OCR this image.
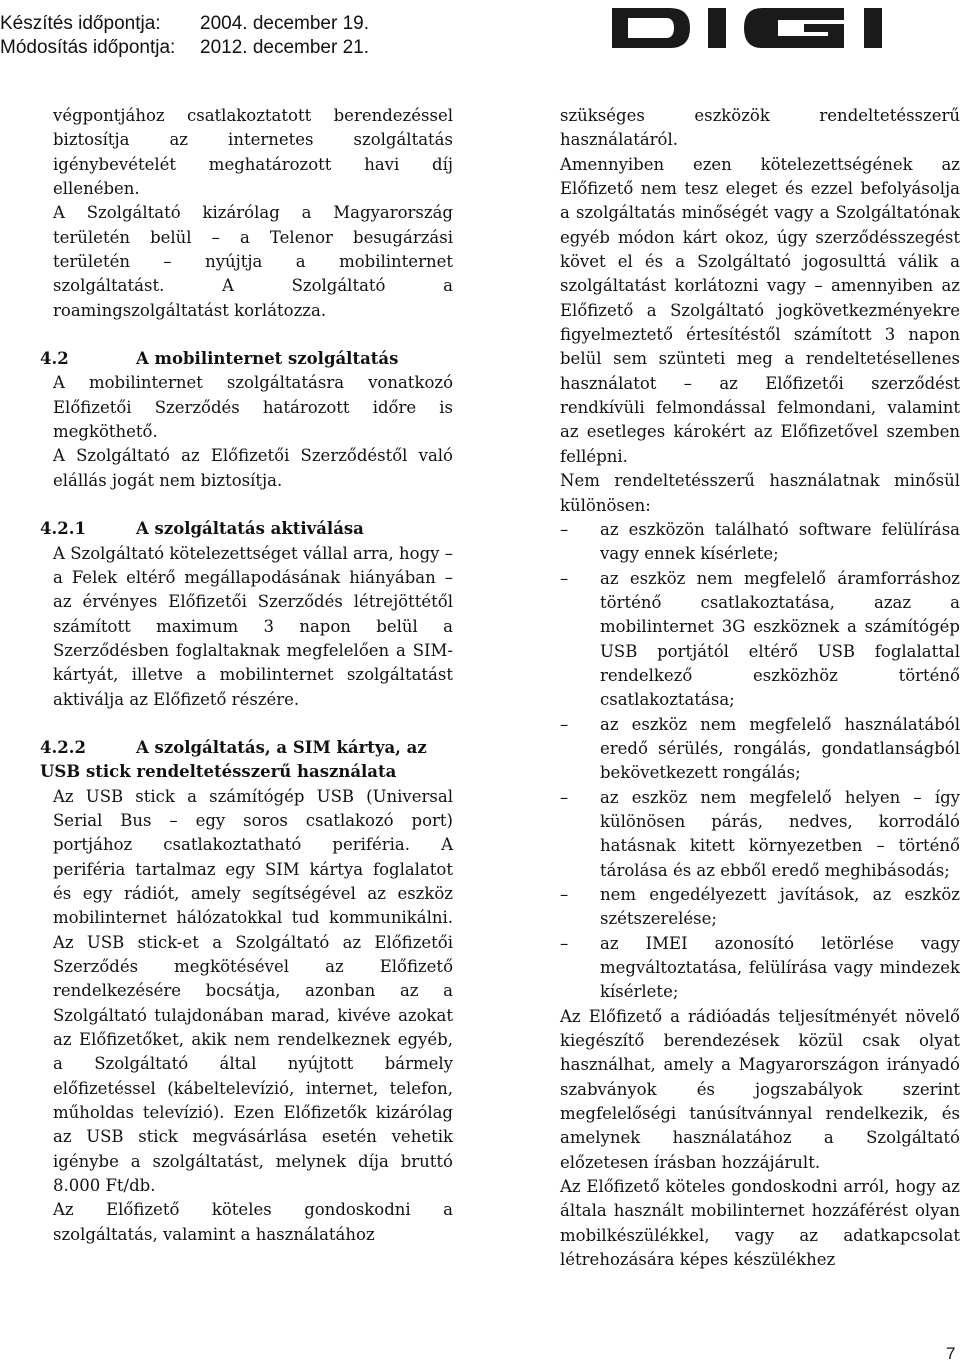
Készítés időpontja:	2004. december 19.
Módosítás időpontja:	2012. december 21.

végpontjához csatlakoztatott berendezéssel biztosítja az internetes szolgáltatás igénybevételét meghatározott havi díj ellenében.

A Szolgáltató kizárólag a Magyarország területén belül – a Telenor besugárzási területén – nyújtja a mobilinternet szolgáltatást. A Szolgáltató a roamingszolgáltatást korlátozza.

4.2	A mobilinternet szolgáltatás

A mobilinternet szolgáltatásra vonatkozó Előfizetői Szerződés határozott időre is megköthető.

A Szolgáltató az Előfizetői Szerződéstől való elállás jogát nem biztosítja.

4.2.1	A szolgáltatás aktiválása

A Szolgáltató kötelezettséget vállal arra, hogy – a Felek eltérő megállapodásának hiányában – az érvényes Előfizetői Szerződés létrejöttétől számított maximum 3 napon belül a Szerződésben foglaltaknak megfelelően a SIM-kártyát, illetve a mobilinternet szolgáltatást aktiválja az Előfizető részére.

4.2.2	A szolgáltatás, a SIM kártya, az
USB stick rendeltetésszerű használata

Az USB stick a számítógép USB (Universal Serial Bus – egy soros csatlakozó port) portjához csatlakoztatható periféria. A periféria tartalmaz egy SIM kártya foglalatot és egy rádiót, amely segítségével az eszköz mobilinternet hálózatokkal tud kommunikálni. Az USB stick-et a Szolgáltató az Előfizetői Szerződés megkötésével az Előfizető rendelkezésére bocsátja, azonban az a Szolgáltató tulajdonában marad, kivéve azokat az Előfizetőket, akik nem rendelkeznek egyéb, a Szolgáltató által nyújtott bármely előfizetéssel (kábeltelevízió, internet, telefon, műholdas televízió). Ezen Előfizetők kizárólag az USB stick megvásárlása esetén vehetik igénybe a szolgáltatást, melynek díja bruttó 8.000 Ft/db.

Az Előfizető köteles gondoskodni a szolgáltatás, valamint a használatához

szükséges eszközök rendeltetésszerű használatáról.

Amennyiben ezen kötelezettségének az Előfizető nem tesz eleget és ezzel befolyásolja a szolgáltatás minőségét vagy a Szolgáltatónak egyéb módon kárt okoz, úgy szerződésszegést követ el és a Szolgáltató jogosulttá válik a szolgáltatást korlátozni vagy – amennyiben az Előfizető a Szolgáltató jogkövetkezményekre figyelmeztető értesítéstől számított 3 napon belül sem szünteti meg a rendeltetésellenes használatot – az Előfizetői szerződést rendkívüli felmondással felmondani, valamint az esetleges károkért az Előfizetővel szemben fellépni.

Nem rendeltetésszerű használatnak minősül különösen:

–	az eszközön található software felülírása vagy ennek kísérlete;
–	az eszköz nem megfelelő áramforráshoz történő csatlakoztatása, azaz a mobilinternet 3G eszköznek a számítógép USB portjától eltérő USB foglalattal rendelkező eszközhöz történő csatlakoztatása;
–	az eszköz nem megfelelő használatából eredő sérülés, rongálás, gondatlanságból bekövetkezett rongálás;
–	az eszköz nem megfelelő helyen – így különösen párás, nedves, korrodáló hatásnak kitett környezetben – történő tárolása és az ebből eredő meghibásodás;
–	nem engedélyezett javítások, az eszköz szétszerelése;
–	az IMEI azonosító letörlése vagy megváltoztatása, felülírása vagy mindezek kísérlete;

Az Előfizető a rádióadás teljesítményét növelő kiegészítő berendezések közül csak olyat használhat, amely a Magyarországon irányadó szabványok és jogszabályok szerint megfelelőségi tanúsítvánnyal rendelkezik, és amelynek használatához a Szolgáltató előzetesen írásban hozzájárult.

Az Előfizető köteles gondoskodni arról, hogy az általa használt mobilinternet hozzáférést olyan mobilkészülékkel, vagy az adatkapcsolat létrehozására képes készülékhez

7
